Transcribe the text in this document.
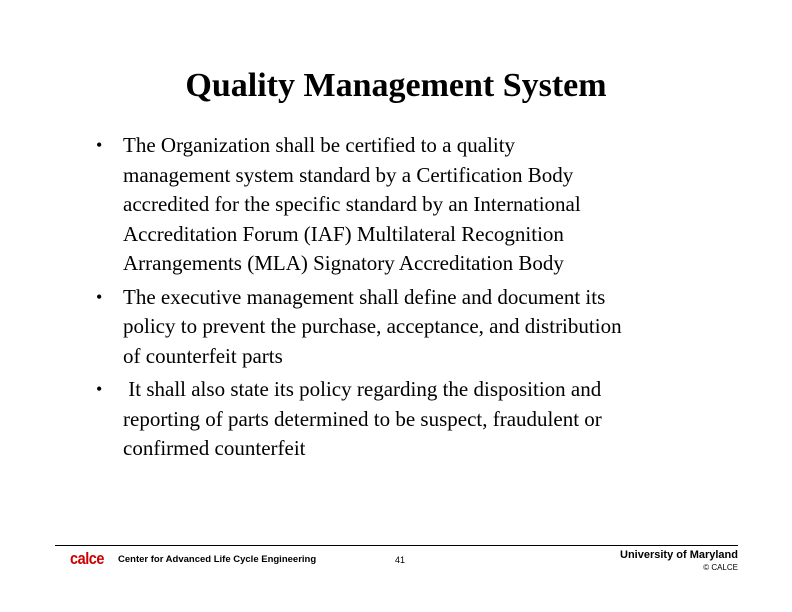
Quality Management System
• The Organization shall be certified to a quality
management system standard by a Certification Body
accredited for the specific standard by an International
Accreditation Forum (IAF) Multilateral Recognition
Arrangements (MLA) Signatory Accreditation Body
• The executive management shall define and document its
policy to prevent the purchase, acceptance, and distribution
of counterfeit parts
• It shall also state its policy regarding the disposition and
reporting of parts determined to be suspect, fraudulent or
confirmed counterfeit
calce Center for Advanced Life Cycle Engineering	41	University of Maryland
© CALCE
